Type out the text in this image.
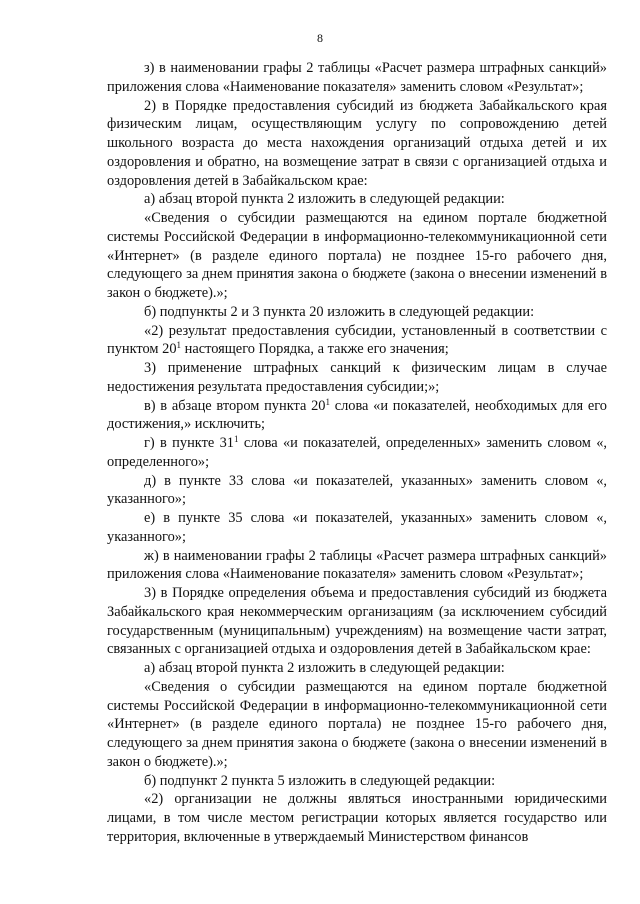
8

з) в наименовании графы 2 таблицы «Расчет размера штрафных санкций» приложения слова «Наименование показателя» заменить словом «Результат»;

2) в Порядке предоставления субсидий из бюджета Забайкальского края физическим лицам, осуществляющим услугу по сопровождению детей школьного возраста до места нахождения организаций отдыха детей и их оздоровления и обратно, на возмещение затрат в связи с организацией отдыха и оздоровления детей в Забайкальском крае:

а) абзац второй пункта 2 изложить в следующей редакции:

«Сведения о субсидии размещаются на едином портале бюджетной системы Российской Федерации в информационно-телекоммуникационной сети «Интернет» (в разделе единого портала) не позднее 15-го рабочего дня, следующего за днем принятия закона о бюджете (закона о внесении изменений в закон о бюджете).»;

б) подпункты 2 и 3 пункта 20 изложить в следующей редакции:

«2) результат предоставления субсидии, установленный в соответствии с пунктом $20^1$ настоящего Порядка, а также его значения;

3) применение штрафных санкций к физическим лицам в случае недостижения результата предоставления субсидии;»;

в) в абзаце втором пункта $20^1$ слова «и показателей, необходимых для его достижения,» исключить;

г) в пункте $31^1$ слова «и показателей, определенных» заменить словом «, определенного»;

д) в пункте 33 слова «и показателей, указанных» заменить словом «, указанного»;

е) в пункте 35 слова «и показателей, указанных» заменить словом «, указанного»;

ж) в наименовании графы 2 таблицы «Расчет размера штрафных санкций» приложения слова «Наименование показателя» заменить словом «Результат»;

3) в Порядке определения объема и предоставления субсидий из бюджета Забайкальского края некоммерческим организациям (за исключением субсидий государственным (муниципальным) учреждениям) на возмещение части затрат, связанных с организацией отдыха и оздоровления детей в Забайкальском крае:

а) абзац второй пункта 2 изложить в следующей редакции:

«Сведения о субсидии размещаются на едином портале бюджетной системы Российской Федерации в информационно-телекоммуникационной сети «Интернет» (в разделе единого портала) не позднее 15-го рабочего дня, следующего за днем принятия закона о бюджете (закона о внесении изменений в закон о бюджете).»;

б) подпункт 2 пункта 5 изложить в следующей редакции:

«2) организации не должны являться иностранными юридическими лицами, в том числе местом регистрации которых является государство или территория, включенные в утверждаемый Министерством финансов
